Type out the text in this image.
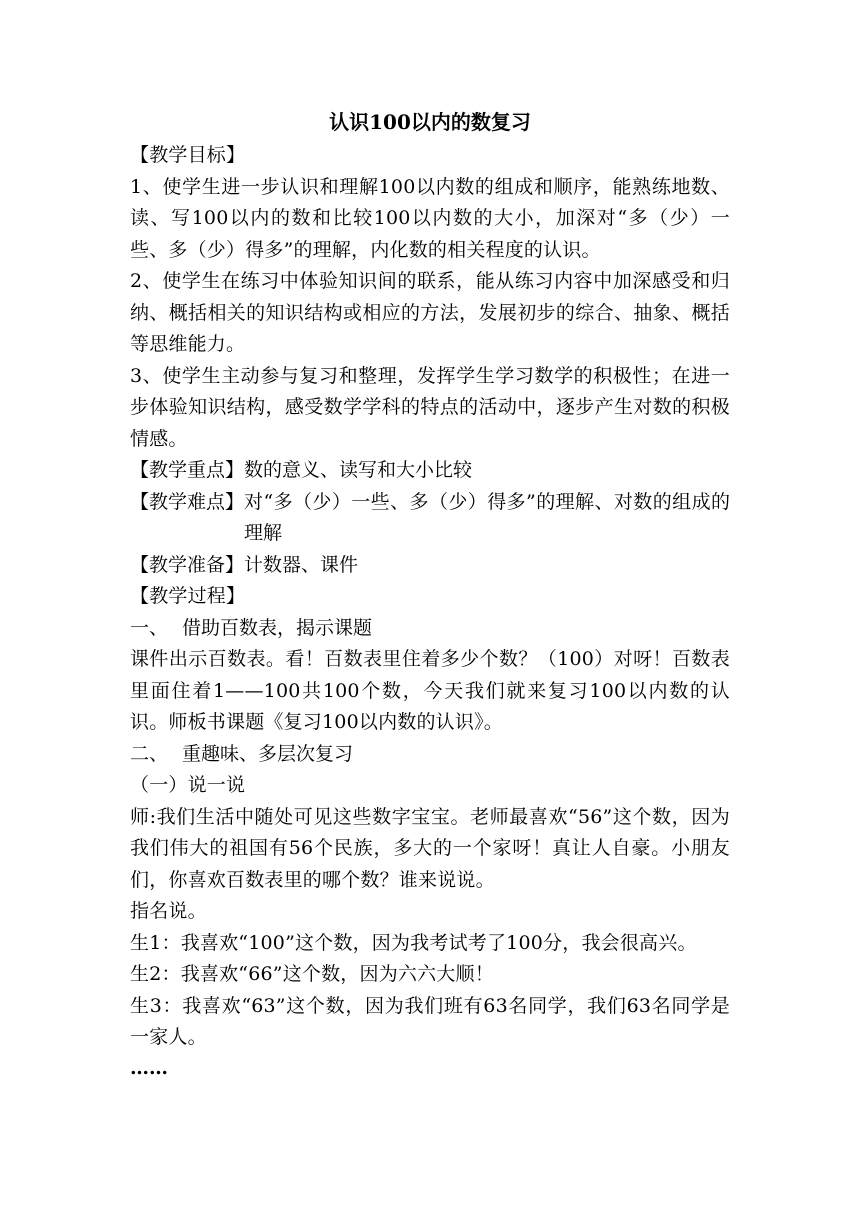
认识100以内的数复习
【教学目标】
1、使学生进一步认识和理解100以内数的组成和顺序，能熟练地数、读、写100以内的数和比较100以内数的大小，加深对“多（少）一些、多（少）得多”的理解，内化数的相关程度的认识。
2、使学生在练习中体验知识间的联系，能从练习内容中加深感受和归纳、概括相关的知识结构或相应的方法，发展初步的综合、抽象、概括等思维能力。
3、使学生主动参与复习和整理，发挥学生学习数学的积极性；在进一步体验知识结构，感受数学学科的特点的活动中，逐步产生对数的积极情感。
【教学重点】 数的意义、读写和大小比较
【教学难点】 对“多（少）一些、多（少）得多”的理解、对数的组成的理解
【教学准备】 计数器、课件
【教学过程】
一、 借助百数表，揭示课题
课件出示百数表。看！百数表里住着多少个数？（100）对呀！百数表里面住着1——100共100个数，今天我们就来复习100以内数的认识。师板书课题《复习100以内数的认识》。
二、 重趣味、多层次复习
（一）说一说
师:我们生活中随处可见这些数字宝宝。老师最喜欢“56”这个数，因为我们伟大的祖国有56个民族，多大的一个家呀！真让人自豪。小朋友们，你喜欢百数表里的哪个数？谁来说说。
指名说。
生1：我喜欢“100”这个数，因为我考试考了100分，我会很高兴。
生2：我喜欢“66”这个数，因为六六大顺！
生3：我喜欢“63”这个数，因为我们班有63名同学，我们63名同学是一家人。
……
